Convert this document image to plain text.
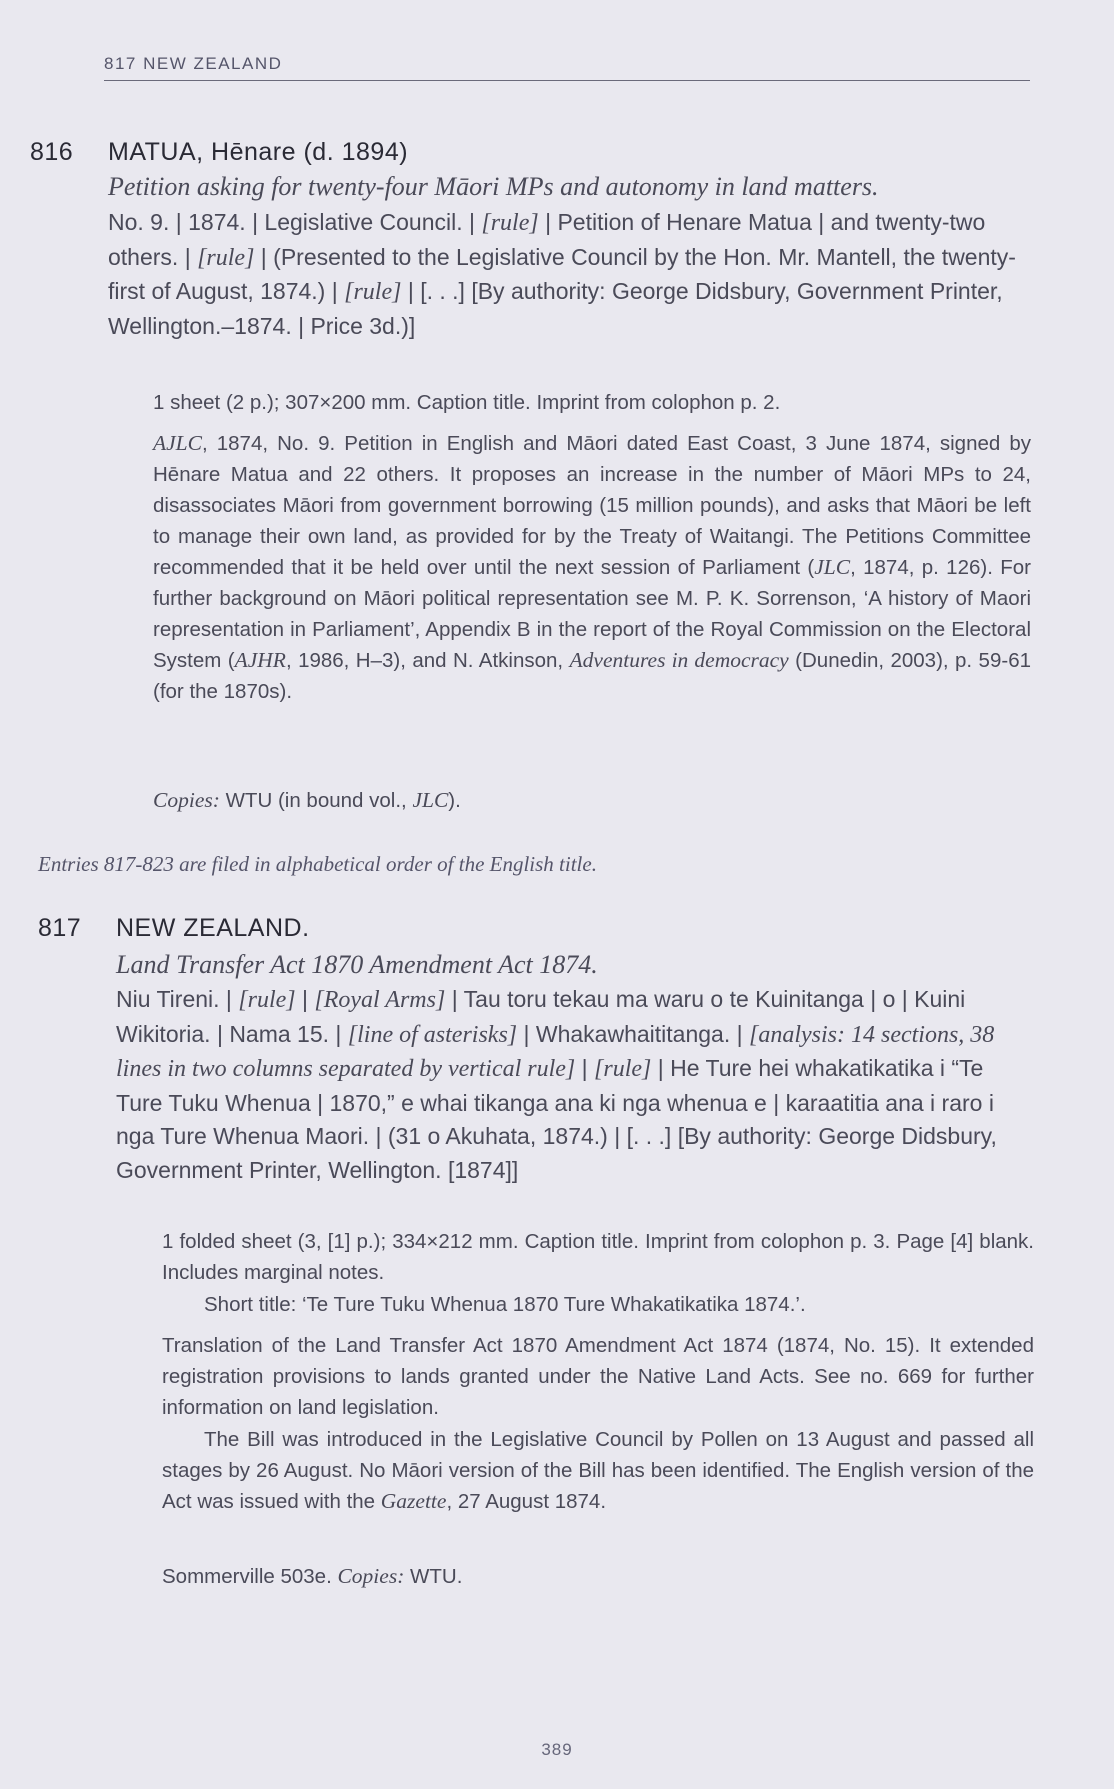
817 NEW ZEALAND
816 MATUA, Hēnare (d. 1894)
Petition asking for twenty-four Māori MPs and autonomy in land matters.
No. 9. | 1874. | Legislative Council. | [rule] | Petition of Henare Matua | and twenty-two others. | [rule] | (Presented to the Legislative Council by the Hon. Mr. Mantell, the twenty-first of August, 1874.) | [rule] | [. . .] [By authority: George Didsbury, Government Printer, Wellington.–1874. | Price 3d.)]
1 sheet (2 p.); 307×200 mm. Caption title. Imprint from colophon p. 2.
AJLC, 1874, No. 9. Petition in English and Māori dated East Coast, 3 June 1874, signed by Hēnare Matua and 22 others. It proposes an increase in the number of Māori MPs to 24, disassociates Māori from government borrowing (15 million pounds), and asks that Māori be left to manage their own land, as provided for by the Treaty of Waitangi. The Petitions Committee recommended that it be held over until the next session of Parliament (JLC, 1874, p. 126). For further background on Māori political representation see M. P. K. Sorrenson, ‘A history of Maori representation in Parliament’, Appendix B in the report of the Royal Commission on the Electoral System (AJHR, 1986, H–3), and N. Atkinson, Adventures in democracy (Dunedin, 2003), p. 59-61 (for the 1870s).
Copies: WTU (in bound vol., JLC).
Entries 817-823 are filed in alphabetical order of the English title.
817 NEW ZEALAND.
Land Transfer Act 1870 Amendment Act 1874.
Niu Tireni. | [rule] | [Royal Arms] | Tau toru tekau ma waru o te Kuinitanga | o | Kuini Wikitoria. | Nama 15. | [line of asterisks] | Whakawhaititanga. | [analysis: 14 sections, 38 lines in two columns separated by vertical rule] | [rule] | He Ture hei whakatikatika i “Te Ture Tuku Whenua | 1870,” e whai tikanga ana ki nga whenua e | karaatitia ana i raro i nga Ture Whenua Maori. | (31 o Akuhata, 1874.) | [. . .] [By authority: George Didsbury, Government Printer, Wellington. [1874]]
1 folded sheet (3, [1] p.); 334×212 mm. Caption title. Imprint from colophon p. 3. Page [4] blank. Includes marginal notes.
Short title: ‘Te Ture Tuku Whenua 1870 Ture Whakatikatika 1874.’.
Translation of the Land Transfer Act 1870 Amendment Act 1874 (1874, No. 15). It extended registration provisions to lands granted under the Native Land Acts. See no. 669 for further information on land legislation.
The Bill was introduced in the Legislative Council by Pollen on 13 August and passed all stages by 26 August. No Māori version of the Bill has been identified. The English version of the Act was issued with the Gazette, 27 August 1874.
Sommerville 503e. Copies: WTU.
389
